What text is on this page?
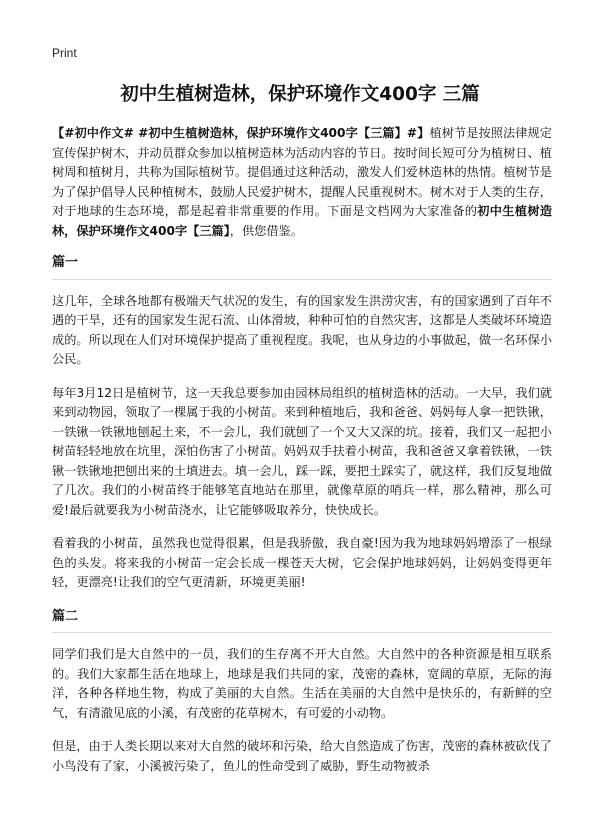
Print
初中生植树造林，保护环境作文400字 三篇

【#初中作文# #初中生植树造林，保护环境作文400字【三篇】#】植树节是按照法律规定宣传保护树木，并动员群众参加以植树造林为活动内容的节日。按时间长短可分为植树日、植树周和植树月，共称为国际植树节。提倡通过这种活动，激发人们爱林造林的热情。植树节是为了保护倡导人民种植树木，鼓励人民爱护树木，提醒人民重视树木。树木对于人类的生存，对于地球的生态环境，都是起着非常重要的作用。下面是文档网为大家准备的初中生植树造林，保护环境作文400字【三篇】，供您借鉴。

篇一

这几年，全球各地都有极端天气状况的发生，有的国家发生洪涝灾害，有的国家遇到了百年不遇的干旱，还有的国家发生泥石流、山体滑坡，种种可怕的自然灾害，这都是人类破坏环境造成的。所以现在人们对环境保护提高了重视程度。我呢，也从身边的小事做起，做一名环保小公民。

每年3月12日是植树节，这一天我总要参加由园林局组织的植树造林的活动。一大早，我们就来到动物园，领取了一棵属于我的小树苗。来到种植地后，我和爸爸、妈妈每人拿一把铁锹，一铁锹一铁锹地刨起土来，不一会儿，我们就刨了一个又大又深的坑。接着，我们又一起把小树苗轻轻地放在坑里，深怕伤害了小树苗。妈妈双手扶着小树苗，我和爸爸又拿着铁锹，一铁锹一铁锹地把刨出来的土填进去。填一会儿，踩一踩，要把土踩实了，就这样，我们反复地做了几次。我们的小树苗终于能够笔直地站在那里，就像草原的哨兵一样，那么精神，那么可爱!最后就要我为小树苗浇水，让它能够吸取养分，快快成长。

看着我的小树苗，虽然我也觉得很累，但是我骄傲，我自豪!因为我为地球妈妈增添了一根绿色的头发。将来我的小树苗一定会长成一棵苍天大树，它会保护地球妈妈，让妈妈变得更年轻，更漂亮!让我们的空气更清新，环境更美丽!

篇二

同学们我们是大自然中的一员，我们的生存离不开大自然。大自然中的各种资源是相互联系的。我们大家都生活在地球上，地球是我们共同的家，茂密的森林，宽阔的草原，无际的海洋，各种各样地生物，构成了美丽的大自然。生活在美丽的大自然中是快乐的，有新鲜的空气，有清澈见底的小溪，有茂密的花草树木，有可爱的小动物。

但是，由于人类长期以来对大自然的破坏和污染，给大自然造成了伤害，茂密的森林被砍伐了小鸟没有了家，小溪被污染了，鱼儿的性命受到了威胁，野生动物被杀
